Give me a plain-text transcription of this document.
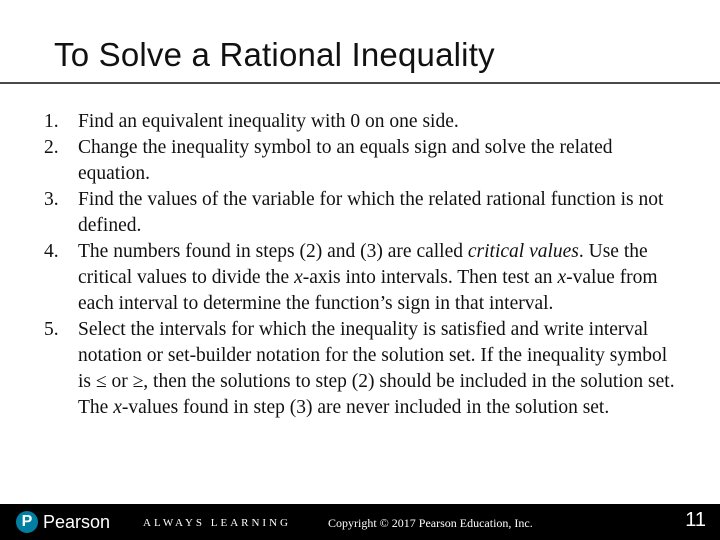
To Solve a Rational Inequality
1. Find an equivalent inequality with 0 on one side.
2. Change the inequality symbol to an equals sign and solve the related equation.
3. Find the values of the variable for which the related rational function is not defined.
4. The numbers found in steps (2) and (3) are called critical values. Use the critical values to divide the x-axis into intervals. Then test an x-value from each interval to determine the function’s sign in that interval.
5. Select the intervals for which the inequality is satisfied and write interval notation or set-builder notation for the solution set. If the inequality symbol is ≤ or ≥, then the solutions to step (2) should be included in the solution set. The x-values found in step (3) are never included in the solution set.
P Pearson	ALWAYS LEARNING	Copyright © 2017 Pearson Education, Inc.	11
